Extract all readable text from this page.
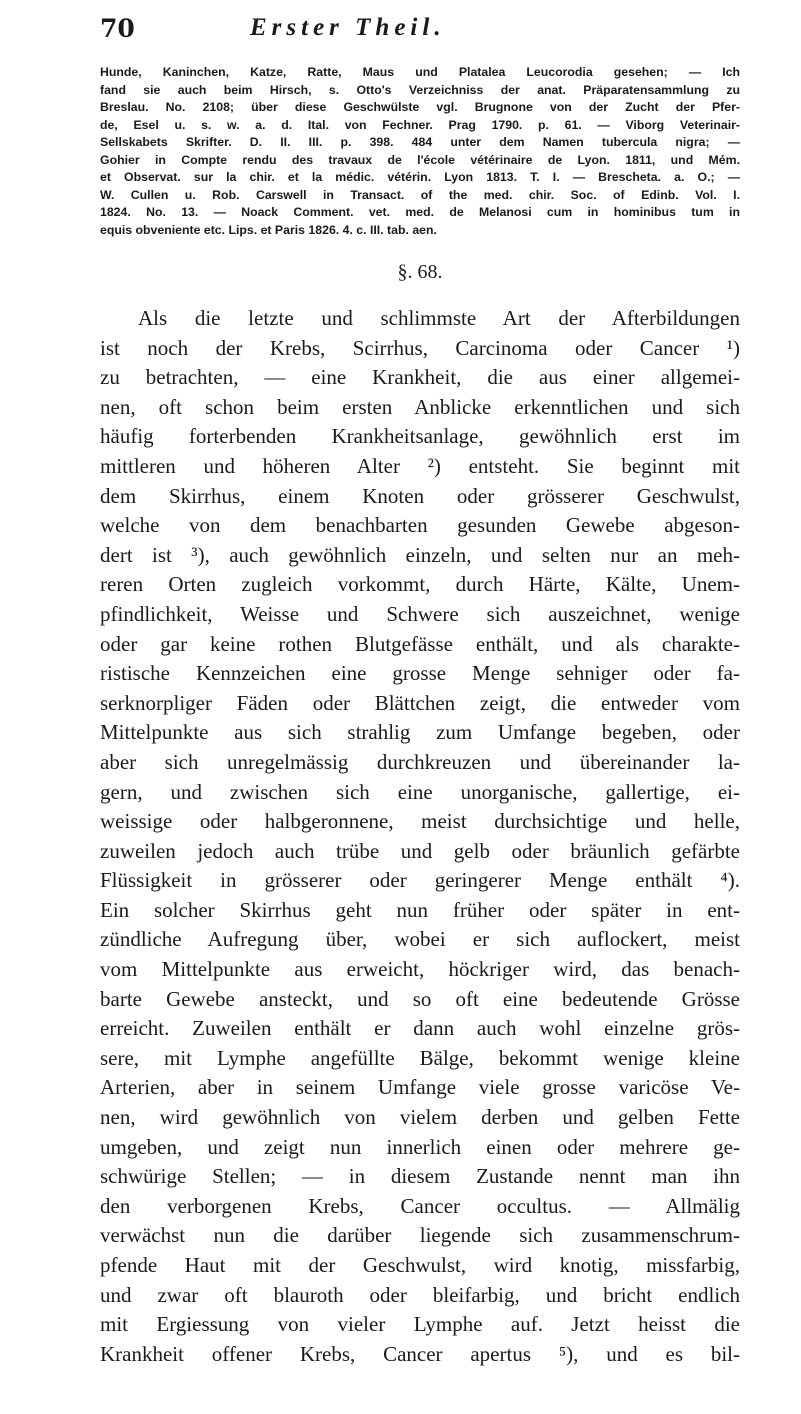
70	Erster Theil.
Hunde, Kaninchen, Katze, Ratte, Maus und Platalea Leucorodia gesehen; — Ich
fand sie auch beim Hirsch, s. Otto's Verzeichniss der anat. Präparatensammlung zu
Breslau. No. 2108; über diese Geschwülste vgl. Brugnone von der Zucht der Pfer-
de, Esel u. s. w. a. d. Ital. von Fechner. Prag 1790. p. 61. — Viborg Veterinair-
Sellskabets Skrifter. D. II. III. p. 398. 484 unter dem Namen tubercula nigra; —
Gohier in Compte rendu des travaux de l'école vétérinaire de Lyon. 1811, und Mém.
et Observat. sur la chir. et la médic. vétérin. Lyon 1813. T. I. — Brescheta. a. O.; —
W. Cullen u. Rob. Carswell in Transact. of the med. chir. Soc. of Edinb. Vol. I.
1824. No. 13. — Noack Comment. vet. med. de Melanosi cum in hominibus tum in
equis obveniente etc. Lips. et Paris 1826. 4. c. III. tab. aen.
§. 68.
Als die letzte und schlimmste Art der Afterbildungen
ist noch der Krebs, Scirrhus, Carcinoma oder Cancer ¹)
zu betrachten, — eine Krankheit, die aus einer allgemei-
nen, oft schon beim ersten Anblicke erkenntlichen und sich
häufig forterbenden Krankheitsanlage, gewöhnlich erst im
mittleren und höheren Alter ²) entsteht. Sie beginnt mit
dem Skirrhus, einem Knoten oder grösserer Geschwulst,
welche von dem benachbarten gesunden Gewebe abgeson-
dert ist ³), auch gewöhnlich einzeln, und selten nur an meh-
reren Orten zugleich vorkommt, durch Härte, Kälte, Unem-
pfindlichkeit, Weisse und Schwere sich auszeichnet, wenige
oder gar keine rothen Blutgefässe enthält, und als charakte-
ristische Kennzeichen eine grosse Menge sehniger oder fa-
serknorpliger Fäden oder Blättchen zeigt, die entweder vom
Mittelpunkte aus sich strahlig zum Umfange begeben, oder
aber sich unregelmässig durchkreuzen und übereinander la-
gern, und zwischen sich eine unorganische, gallertige, ei-
weissige oder halbgeronnene, meist durchsichtige und helle,
zuweilen jedoch auch trübe und gelb oder bräunlich gefärbte
Flüssigkeit in grösserer oder geringerer Menge enthält ⁴).
Ein solcher Skirrhus geht nun früher oder später in ent-
zündliche Aufregung über, wobei er sich auflockert, meist
vom Mittelpunkte aus erweicht, höckriger wird, das benach-
barte Gewebe ansteckt, und so oft eine bedeutende Grösse
erreicht. Zuweilen enthält er dann auch wohl einzelne grös-
sere, mit Lymphe angefüllte Bälge, bekommt wenige kleine
Arterien, aber in seinem Umfange viele grosse varicöse Ve-
nen, wird gewöhnlich von vielem derben und gelben Fette
umgeben, und zeigt nun innerlich einen oder mehrere ge-
schwürige Stellen; — in diesem Zustande nennt man ihn
den verborgenen Krebs, Cancer occultus. — Allmälig
verwächst nun die darüber liegende sich zusammenschrum-
pfende Haut mit der Geschwulst, wird knotig, missfarbig,
und zwar oft blauroth oder bleifarbig, und bricht endlich
mit Ergiessung von vieler Lymphe auf. Jetzt heisst die
Krankheit offener Krebs, Cancer apertus ⁵), und es bil-
